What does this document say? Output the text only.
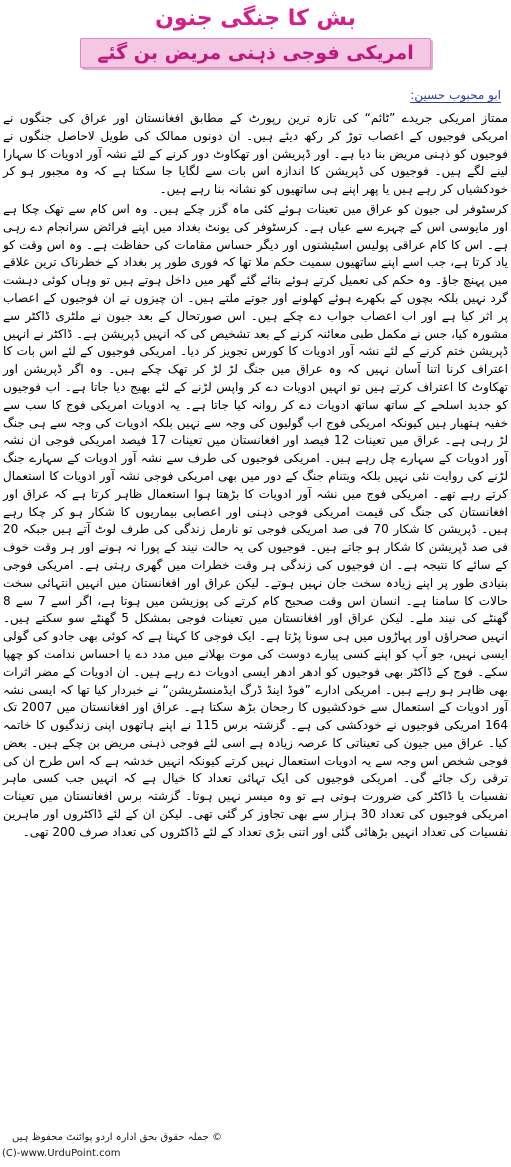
بش کا جنگی جنون
امریکی فوجی ذہنی مریض بن گئے
ابو محبوب حسین:

ممتاز امریکی جریدے ”ٹائم“ کی تازہ ترین رپورٹ کے مطابق افغانستان اور عراق کی جنگوں نے امریکی فوجیوں کے اعصاب توڑ کر رکھ دیئے ہیں۔ ان دونوں ممالک کی طویل لاحاصل جنگوں نے فوجیوں کو ذہنی مریض بنا دیا ہے۔ اور ڈپریشن اور تھکاوٹ دور کرنے کے لئے نشہ آور ادویات کا سہارا لینے لگے ہیں۔ فوجیوں کی ڈپریشن کا اندازہ اس بات سے لگایا جا سکتا ہے کہ وہ مجبور ہو کر خودکشیاں کر رہے ہیں یا پھر اپنے ہی ساتھیوں کو نشانہ بنا رہے ہیں۔

کرسٹوفر لی جیون کو عراق میں تعینات ہوئے کئی ماہ گزر چکے ہیں۔ وہ اس کام سے تھک چکا ہے اور مایوسی اس کے چہرے سے عیاں ہے۔ کرسٹوفر کی یونٹ بغداد میں اپنے فرائض سرانجام دے رہی ہے۔ اس کا کام عراقی پولیس اسٹیشنوں اور دیگر حساس مقامات کی حفاظت ہے۔ وہ اس وقت کو یاد کرتا ہے، جب اسے اپنے ساتھیوں سمیت حکم ملا تھا کہ فوری طور پر بغداد کے خطرناک ترین علاقے میں پہنچ جاؤ۔ وہ حکم کی تعمیل کرتے ہوئے بتائے گئے گھر میں داخل ہوتے ہیں تو وہاں کوئی دہشت گرد نہیں بلکہ بچوں کے بکھرے ہوئے کھلونے اور جوتے ملتے ہیں۔ ان چیزوں نے ان فوجیوں کے اعصاب پر اثر کیا ہے اور اب اعصاب جواب دے چکے ہیں۔ اس صورتحال کے بعد جیون نے ملٹری ڈاکٹر سے مشورہ کیا، جس نے مکمل طبی معائنہ کرنے کے بعد تشخیص کی کہ انہیں ڈپریشن ہے۔ ڈاکٹر نے انہیں ڈپریشن ختم کرنے کے لئے نشہ آور ادویات کا کورس تجویز کر دیا۔ امریکی فوجیوں کے لئے اس بات کا اعتراف کرنا اتنا آسان نہیں کہ وہ عراق میں جنگ لڑ لڑ کر تھک چکے ہیں۔ وہ اگر ڈپریشن اور تھکاوٹ کا اعتراف کرتے ہیں تو انہیں ادویات دے کر واپس لڑنے کے لئے بھیج دیا جاتا ہے۔ اب فوجیوں کو جدید اسلحے کے ساتھ ساتھ ادویات دے کر روانہ کیا جاتا ہے۔ یہ ادویات امریکی فوج کا سب سے خفیہ ہتھیار ہیں کیونکہ امریکی فوج اب گولیوں کی وجہ سے نہیں بلکہ ادویات کی وجہ سے ہی جنگ لڑ رہی ہے۔ عراق میں تعینات 12 فیصد اور افغانستان میں تعینات 17 فیصد امریکی فوجی ان نشہ آور ادویات کے سہارے چل رہے ہیں۔ امریکی فوجیوں کی طرف سے نشہ آور ادویات کے سہارے جنگ لڑنے کی روایت نئی نہیں بلکہ ویتنام جنگ کے دور میں بھی امریکی فوجی نشہ آور ادویات کا استعمال کرتے رہے تھے۔ امریکی فوج میں نشہ آور ادویات کا بڑھتا ہوا استعمال ظاہر کرتا ہے کہ عراق اور افغانستان کی جنگ کی قیمت امریکی فوجی ذہنی اور اعصابی بیماریوں کا شکار ہو کر چکا رہے ہیں۔ ڈپریشن کا شکار 70 فی صد امریکی فوجی تو نارمل زندگی کی طرف لوٹ آتے ہیں جبکہ 20 فی صد ڈپریشن کا شکار ہو جاتے ہیں۔ فوجیوں کی یہ حالت نیند کے پورا نہ ہونے اور ہر وقت خوف کے سائے کا نتیجہ ہے۔ ان فوجیوں کی زندگی ہر وقت خطرات میں گھری رہتی ہے۔ امریکی فوجی بنیادی طور پر اپنے زیادہ سخت جان نہیں ہوتے۔ لیکن عراق اور افغانستان میں انہیں انتہائی سخت حالات کا سامنا ہے۔ انسان اس وقت صحیح کام کرتے کی پوزیشن میں ہوتا ہے، اگر اسے 7 سے 8 گھنٹے کی نیند ملے۔ لیکن عراق اور افغانستان میں تعینات فوجی بمشکل 5 گھنٹے سو سکتے ہیں۔ انہیں صحراؤں اور پہاڑوں میں ہی سونا پڑتا ہے۔ ایک فوجی کا کہنا ہے کہ کوئی بھی جادو کی گولی ایسی نہیں، جو آپ کو اپنے کسی پیارے دوست کی موت بھلانے میں مدد دے یا احساس ندامت کو چھپا سکے۔ فوج کے ڈاکٹر بھی فوجیوں کو ادھر ادھر ایسی ادویات دے رہے ہیں۔ ان ادویات کے مضر اثرات بھی ظاہر ہو رہے ہیں۔ امریکی ادارے ”فوڈ اینڈ ڈرگ ایڈمنسٹریشن“ نے خبردار کیا تھا کہ ایسی نشہ آور ادویات کے استعمال سے خودکشیوں کا رجحان بڑھ سکتا ہے۔ عراق اور افغانستان میں 2007 تک 164 امریکی فوجیوں نے خودکشی کی ہے۔ گزشتہ برس 115 نے اپنے ہاتھوں اپنی زندگیوں کا خاتمہ کیا۔ عراق میں جیون کی تعیناتی کا عرصہ زیادہ ہے اسی لئے فوجی ذہنی مریض بن چکے ہیں۔ بعض فوجی شخص اس وجہ سے یہ ادویات استعمال نہیں کرتے کیونکہ انہیں خدشہ ہے کہ اس طرح ان کی ترقی رک جائے گی۔ امریکی فوجیوں کی ایک تہائی تعداد کا خیال ہے کہ انہیں جب کسی ماہر نفسیات یا ڈاکٹر کی ضرورت ہوتی ہے تو وہ میسر نہیں ہوتا۔ گزشتہ برس افغانستان میں تعینات امریکی فوجیوں کی تعداد 30 ہزار سے بھی تجاوز کر گئی تھی۔ لیکن ان کے لئے ڈاکٹروں اور ماہرین نفسیات کی تعداد انہیں بڑھائی گئی اور اتنی بڑی تعداد کے لئے ڈاکٹروں کی تعداد صرف 200 تھی۔

© جملہ حقوق بحق ادارہ اردو پوائنٹ محفوظ ہیں
(C)-www.UrduPoint.com
